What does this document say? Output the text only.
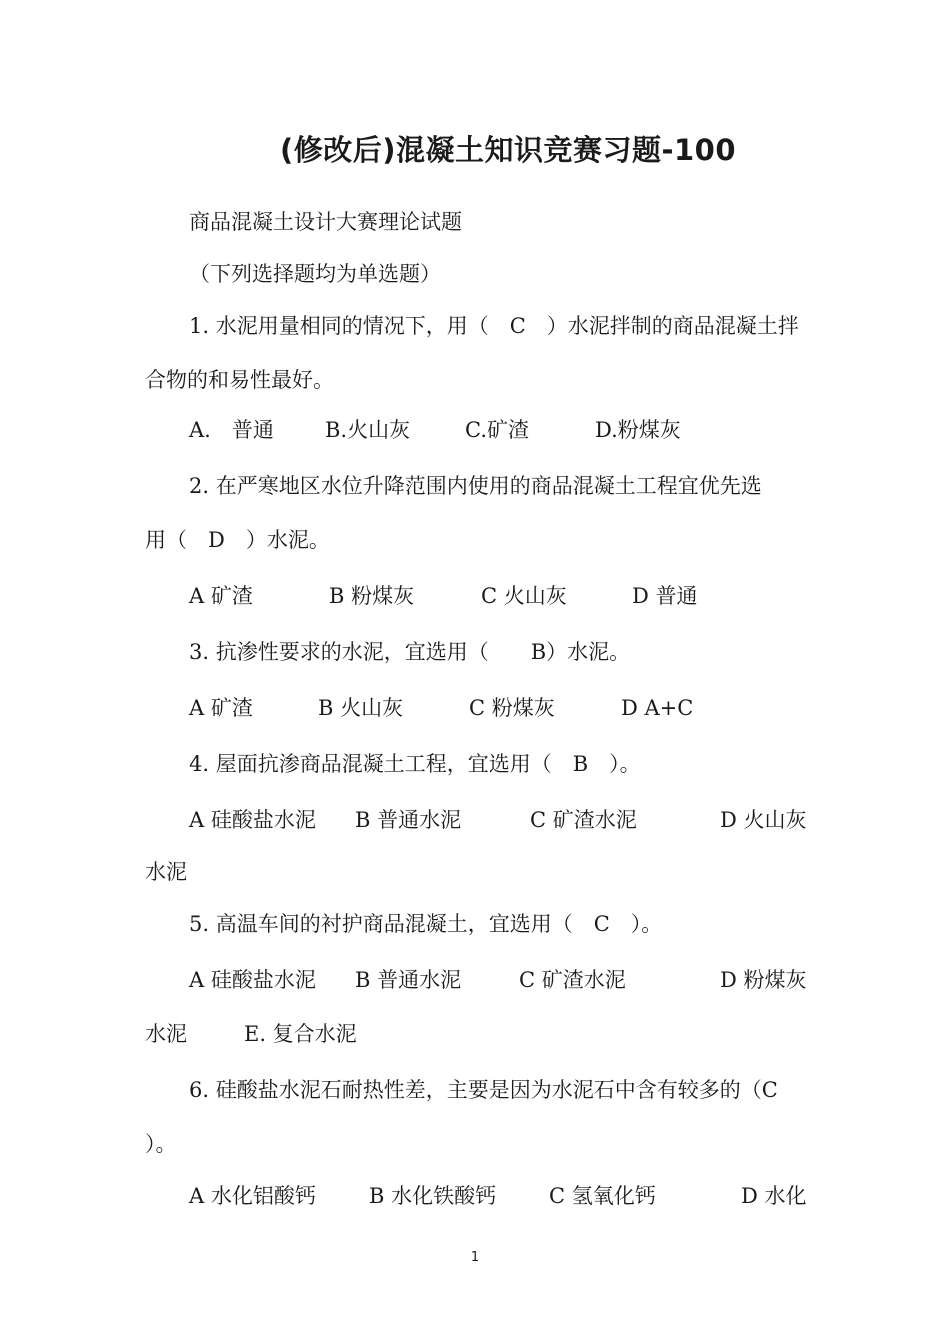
(修改后)混凝土知识竞赛习题-100
商品混凝土设计大赛理论试题
（下列选择题均为单选题）
1. 水泥用量相同的情况下，用（　C　）水泥拌制的商品混凝土拌
合物的和易性最好。
A.　普通 B.火山灰	C.矿渣	D.粉煤灰
2. 在严寒地区水位升降范围内使用的商品混凝土工程宜优先选
用（　D　）水泥。
A 矿渣	B 粉煤灰	C 火山灰	D 普通
3. 抗渗性要求的水泥，宜选用（　　B）水泥。
A 矿渣	B 火山灰	C 粉煤灰	D A+C
4. 屋面抗渗商品混凝土工程，宜选用（　B　）。
A 硅酸盐水泥 B 普通水泥	C 矿渣水泥	D 火山灰
水泥
5. 高温车间的衬护商品混凝土，宜选用（　C　）。
A 硅酸盐水泥 B 普通水泥	C 矿渣水泥	D 粉煤灰
水泥	E. 复合水泥
6. 硅酸盐水泥石耐热性差，主要是因为水泥石中含有较多的（C
）。
A 水化铝酸钙	B 水化铁酸钙	C 氢氧化钙	D 水化
1
